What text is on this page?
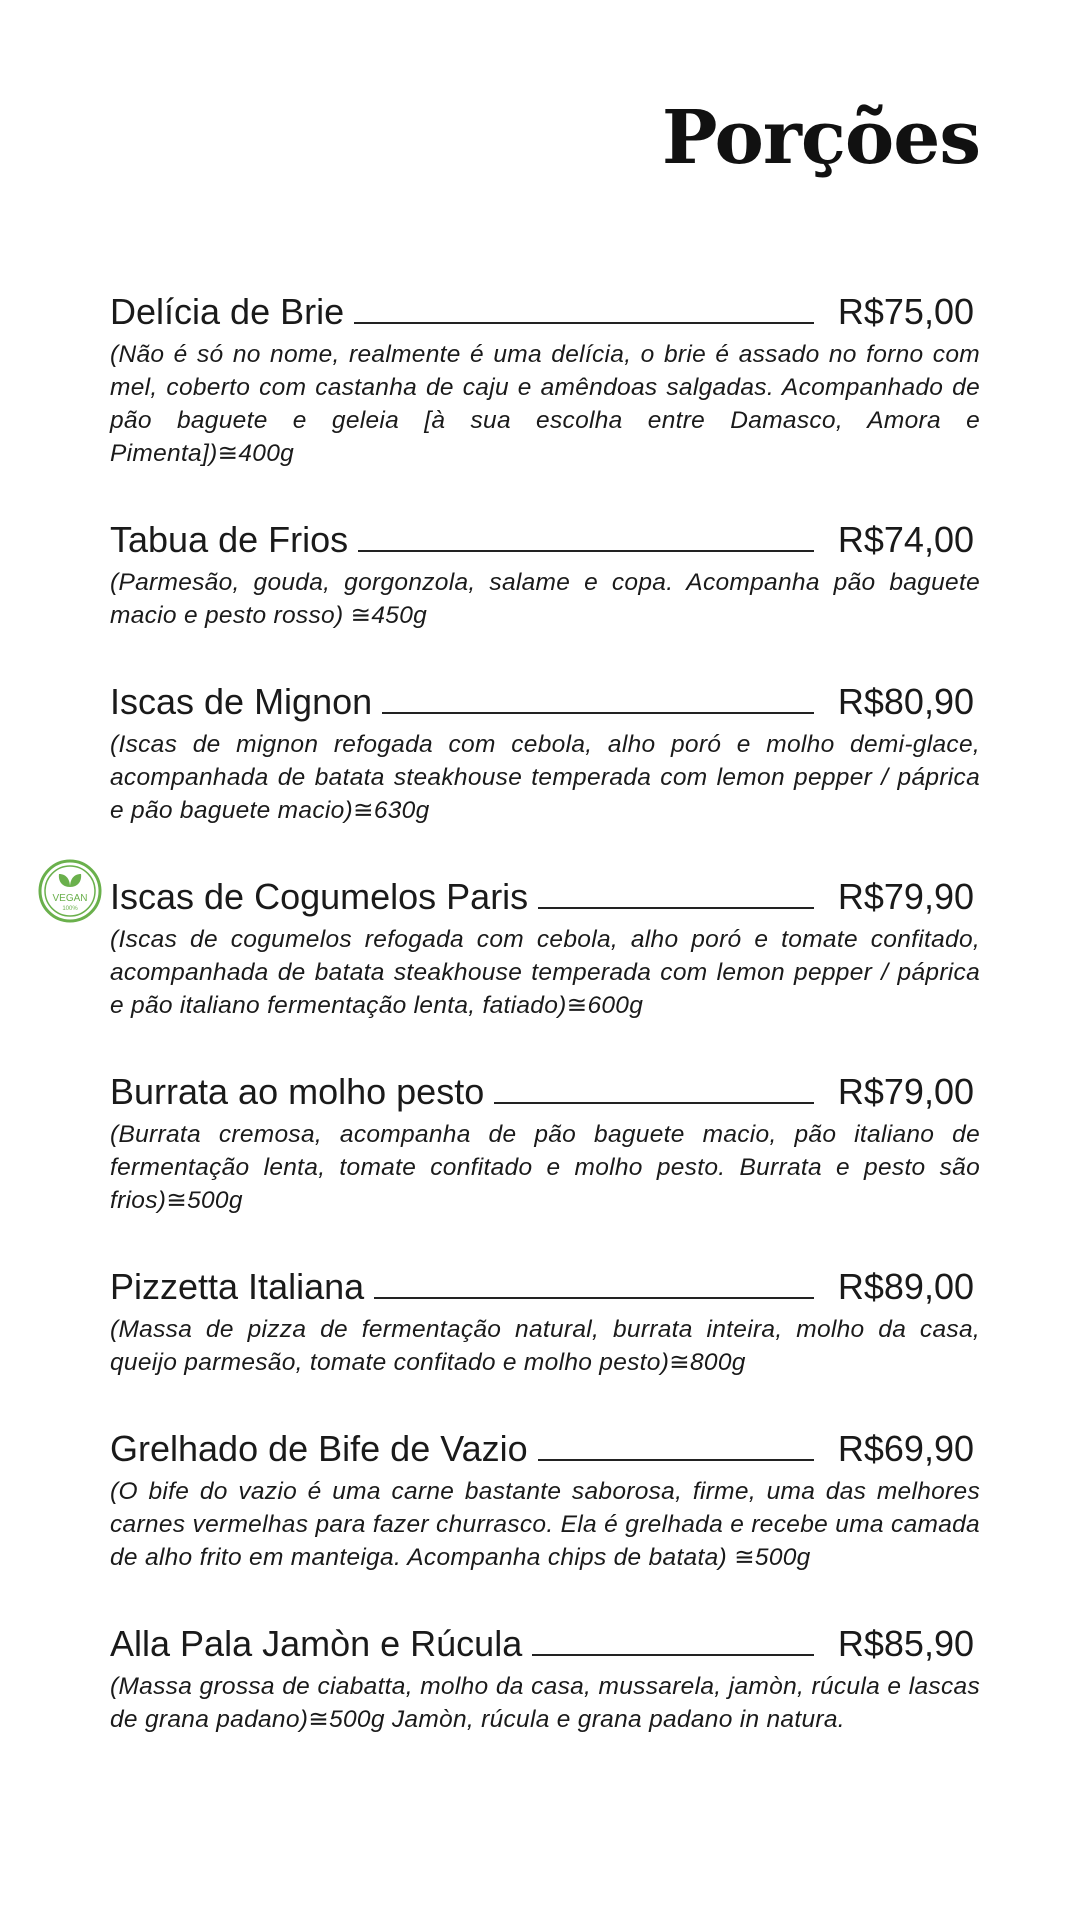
Porções
Delícia de Brie	R$75,00

(Não é só no nome, realmente é uma delícia, o brie é assado no forno com mel, coberto com castanha de caju e amêndoas salgadas. Acompanhado de pão baguete e geleia [à sua escolha entre Damasco, Amora e Pimenta])≅400g

Tabua de Frios	R$74,00

(Parmesão, gouda, gorgonzola, salame e copa. Acompanha pão baguete macio e pesto rosso) ≅450g

Iscas de Mignon	R$80,90

(Iscas de mignon refogada com cebola, alho poró e molho demi-glace, acompanhada de batata steakhouse temperada com lemon pepper / páprica e pão baguete macio)≅630g

VEGAN
100% Iscas de Cogumelos Paris	R$79,90

(Iscas de cogumelos refogada com cebola, alho poró e tomate confitado, acompanhada de batata steakhouse temperada com lemon pepper / páprica e pão italiano fermentação lenta, fatiado)≅600g

Burrata ao molho pesto	R$79,00

(Burrata cremosa, acompanha de pão baguete macio, pão italiano de fermentação lenta, tomate confitado e molho pesto. Burrata e pesto são frios)≅500g

Pizzetta Italiana	R$89,00

(Massa de pizza de fermentação natural, burrata inteira, molho da casa, queijo parmesão, tomate confitado e molho pesto)≅800g

Grelhado de Bife de Vazio	R$69,90

(O bife do vazio é uma carne bastante saborosa, firme, uma das melhores carnes vermelhas para fazer churrasco. Ela é grelhada e recebe uma camada de alho frito em manteiga. Acompanha chips de batata) ≅500g

Alla Pala Jamòn e Rúcula	R$85,90

(Massa grossa de ciabatta, molho da casa, mussarela, jamòn, rúcula e lascas de grana padano)≅500g Jamòn, rúcula e grana padano in natura.
